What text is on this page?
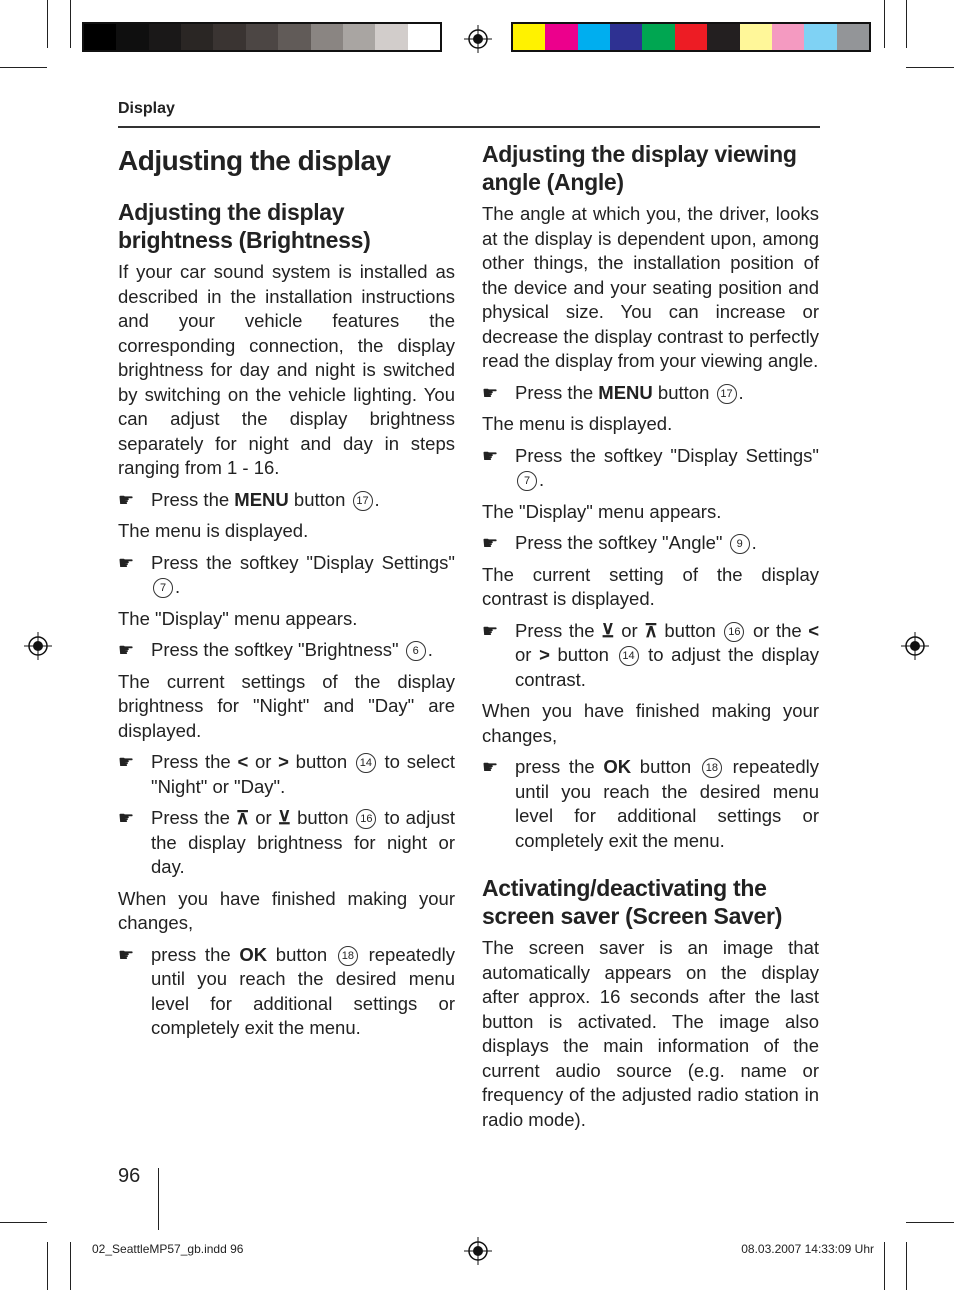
Display
Adjusting the display
Adjusting the display brightness (Brightness)

If your car sound system is installed as described in the installation instructions and your vehicle features the corresponding connection, the display brightness for day and night is switched by switching on the vehicle lighting. You can adjust the display brightness separately for night and day in steps ranging from 1 - 16.

☛ Press the MENU button 17 .

The menu is displayed.

☛ Press the softkey "Display Settings" 7 .

The "Display" menu appears.

☛ Press the softkey "Brightness" 6 .

The current settings of the display brightness for "Night" and "Day" are displayed.

☛ Press the < or > button 14 to select "Night" or "Day".
☛ Press the ⊼ or ⊻ button 16 to adjust the display brightness for night or day.

When you have finished making your changes,

☛ press the OK button 18 repeatedly until you reach the desired menu level for additional settings or completely exit the menu.
Adjusting the display viewing angle (Angle)

The angle at which you, the driver, looks at the display is dependent upon, among other things, the installation position of the device and your seating position and physical size. You can increase or decrease the display contrast to perfectly read the display from your viewing angle.

☛ Press the MENU button 17 .

The menu is displayed.

☛ Press the softkey "Display Settings" 7 .

The "Display" menu appears.

☛ Press the softkey "Angle" 9 .

The current setting of the display contrast is displayed.

☛ Press the ⊻ or ⊼ button 16 or the < or > button 14 to adjust the display contrast.

When you have finished making your changes,

☛ press the OK button 18 repeatedly until you reach the desired menu level for additional settings or completely exit the menu.
Activating/deactivating the screen saver (Screen Saver)

The screen saver is an image that automatically appears on the display after approx. 16 seconds after the last button is activated. The image also displays the main information of the current audio source (e.g. name or frequency of the adjusted radio station in radio mode).

96
02_SeattleMP57_gb.indd 96	08.03.2007 14:33:09 Uhr
